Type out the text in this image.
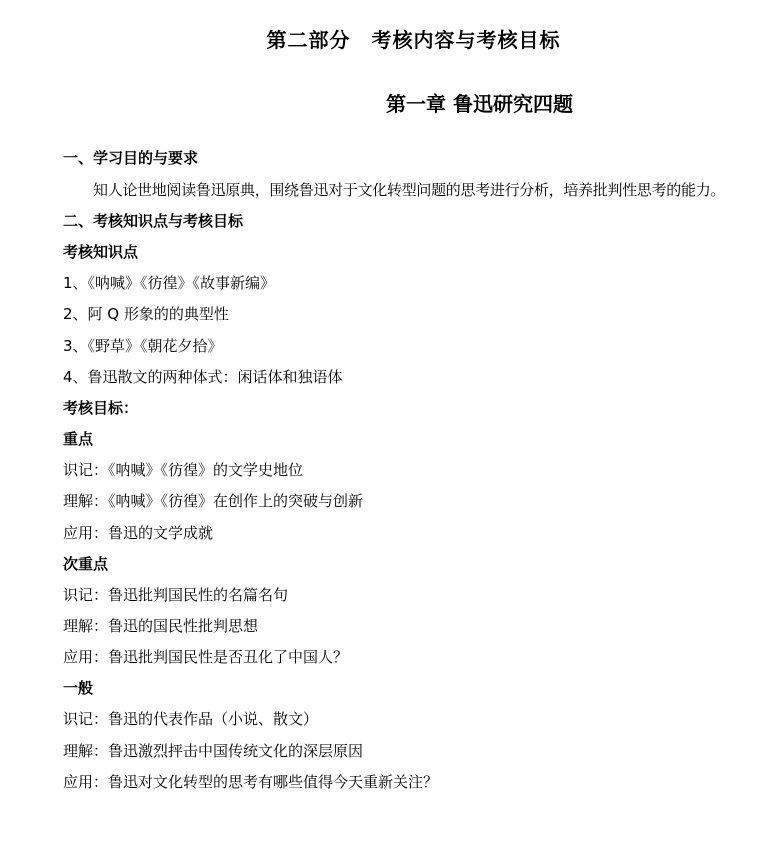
第二部分　考核内容与考核目标
第一章 鲁迅研究四题
一、学习目的与要求
知人论世地阅读鲁迅原典，围绕鲁迅对于文化转型问题的思考进行分析，培养批判性思考的能力。
二、考核知识点与考核目标
考核知识点
1、《呐喊》《彷徨》《故事新编》
2、阿 Q 形象的的典型性
3、《野草》《朝花夕拾》
4、鲁迅散文的两种体式：闲话体和独语体
考核目标：
重点
识记：《呐喊》《彷徨》的文学史地位
理解：《呐喊》《彷徨》在创作上的突破与创新
应用：鲁迅的文学成就
次重点
识记：鲁迅批判国民性的名篇名句
理解：鲁迅的国民性批判思想
应用：鲁迅批判国民性是否丑化了中国人？
一般
识记：鲁迅的代表作品（小说、散文）
理解：鲁迅激烈抨击中国传统文化的深层原因
应用：鲁迅对文化转型的思考有哪些值得今天重新关注？
